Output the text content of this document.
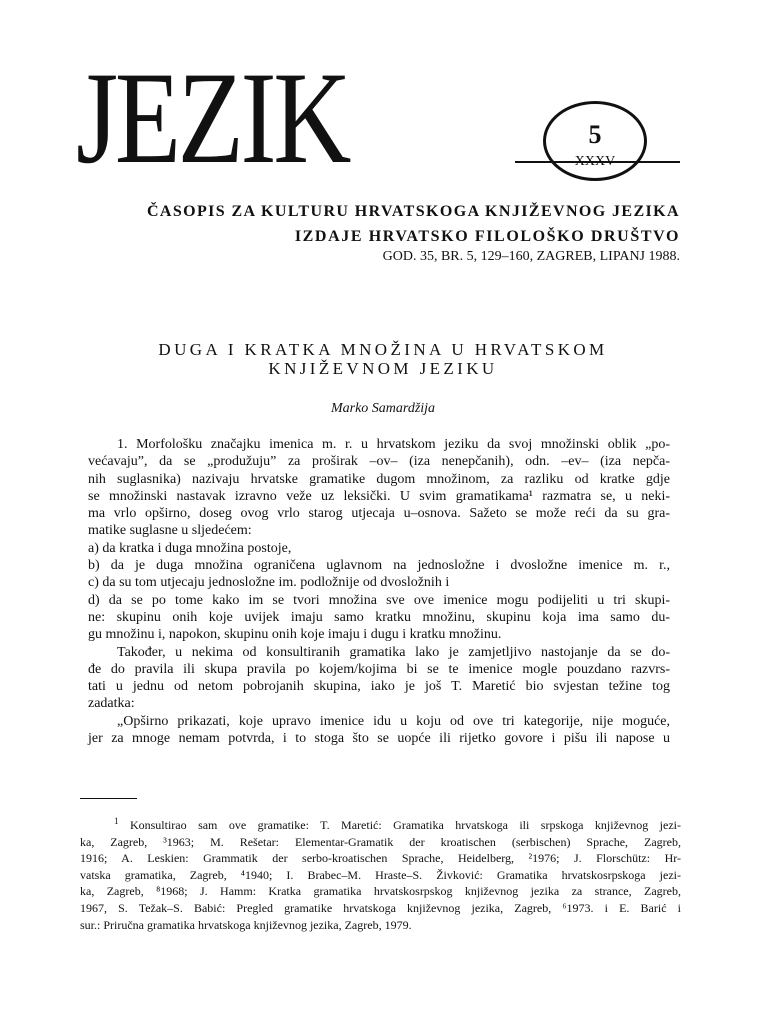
JEZIK	5
XXXV
ČASOPIS ZA KULTURU HRVATSKOGA KNJIŽEVNOG JEZIKA
IZDAJE HRVATSKO FILOLOŠKO DRUŠTVO
GOD. 35, BR. 5, 129–160, ZAGREB, LIPANJ 1988.
DUGA I KRATKA MNOŽINA U HRVATSKOM
KNJIŽEVNOM JEZIKU
Marko Samardžija
1. Morfološku značajku imenica m. r. u hrvatskom jeziku da svoj množinski oblik „po-
većavaju”, da se „produžuju” za proširak –ov– (iza nenepčanih), odn. –ev– (iza nepča-
nih suglasnika) nazivaju hrvatske gramatike dugom množinom, za razliku od kratke gdje
se množinski nastavak izravno veže uz leksički. U svim gramatikama¹ razmatra se, u neki-
ma vrlo opširno, doseg ovog vrlo starog utjecaja u–osnova. Sažeto se može reći da su gra-
matike suglasne u sljedećem:
a) da kratka i duga množina postoje,
b) da je duga množina ograničena uglavnom na jednosložne i dvosložne imenice m. r.,
c) da su tom utjecaju jednosložne im. podložnije od dvosložnih i
d) da se po tome kako im se tvori množina sve ove imenice mogu podijeliti u tri skupi-
ne: skupinu onih koje uvijek imaju samo kratku množinu, skupinu koja ima samo du-
gu množinu i, napokon, skupinu onih koje imaju i dugu i kratku množinu.
Također, u nekima od konsultiranih gramatika lako je zamjetljivo nastojanje da se do-
đe do pravila ili skupa pravila po kojem/kojima bi se te imenice mogle pouzdano razvrs-
tati u jednu od netom pobrojanih skupina, iako je još T. Maretić bio svjestan težine tog
zadatka:
„Opširno prikazati, koje upravo imenice idu u koju od ove tri kategorije, nije moguće,
jer za mnoge nemam potvrda, i to stoga što se uopće ili rijetko govore i pišu ili napose u
$^1$ Konsultirao sam ove gramatike: T. Maretić: Gramatika hrvatskoga ili srpskoga književnog jezi-
ka, Zagreb, ³1963; M. Rešetar: Elementar-Gramatik der kroatischen (serbischen) Sprache, Zagreb,
1916; A. Leskien: Grammatik der serbo-kroatischen Sprache, Heidelberg, ²1976; J. Florschütz: Hr-
vatska gramatika, Zagreb, ⁴1940; I. Brabec–M. Hraste–S. Živković: Gramatika hrvatskosrpskoga jezi-
ka, Zagreb, ⁸1968; J. Hamm: Kratka gramatika hrvatskosrpskog književnog jezika za strance, Zagreb,
1967, S. Težak–S. Babić: Pregled gramatike hrvatskoga književnog jezika, Zagreb, ⁶1973. i E. Barić i
sur.: Priručna gramatika hrvatskoga književnog jezika, Zagreb, 1979.
